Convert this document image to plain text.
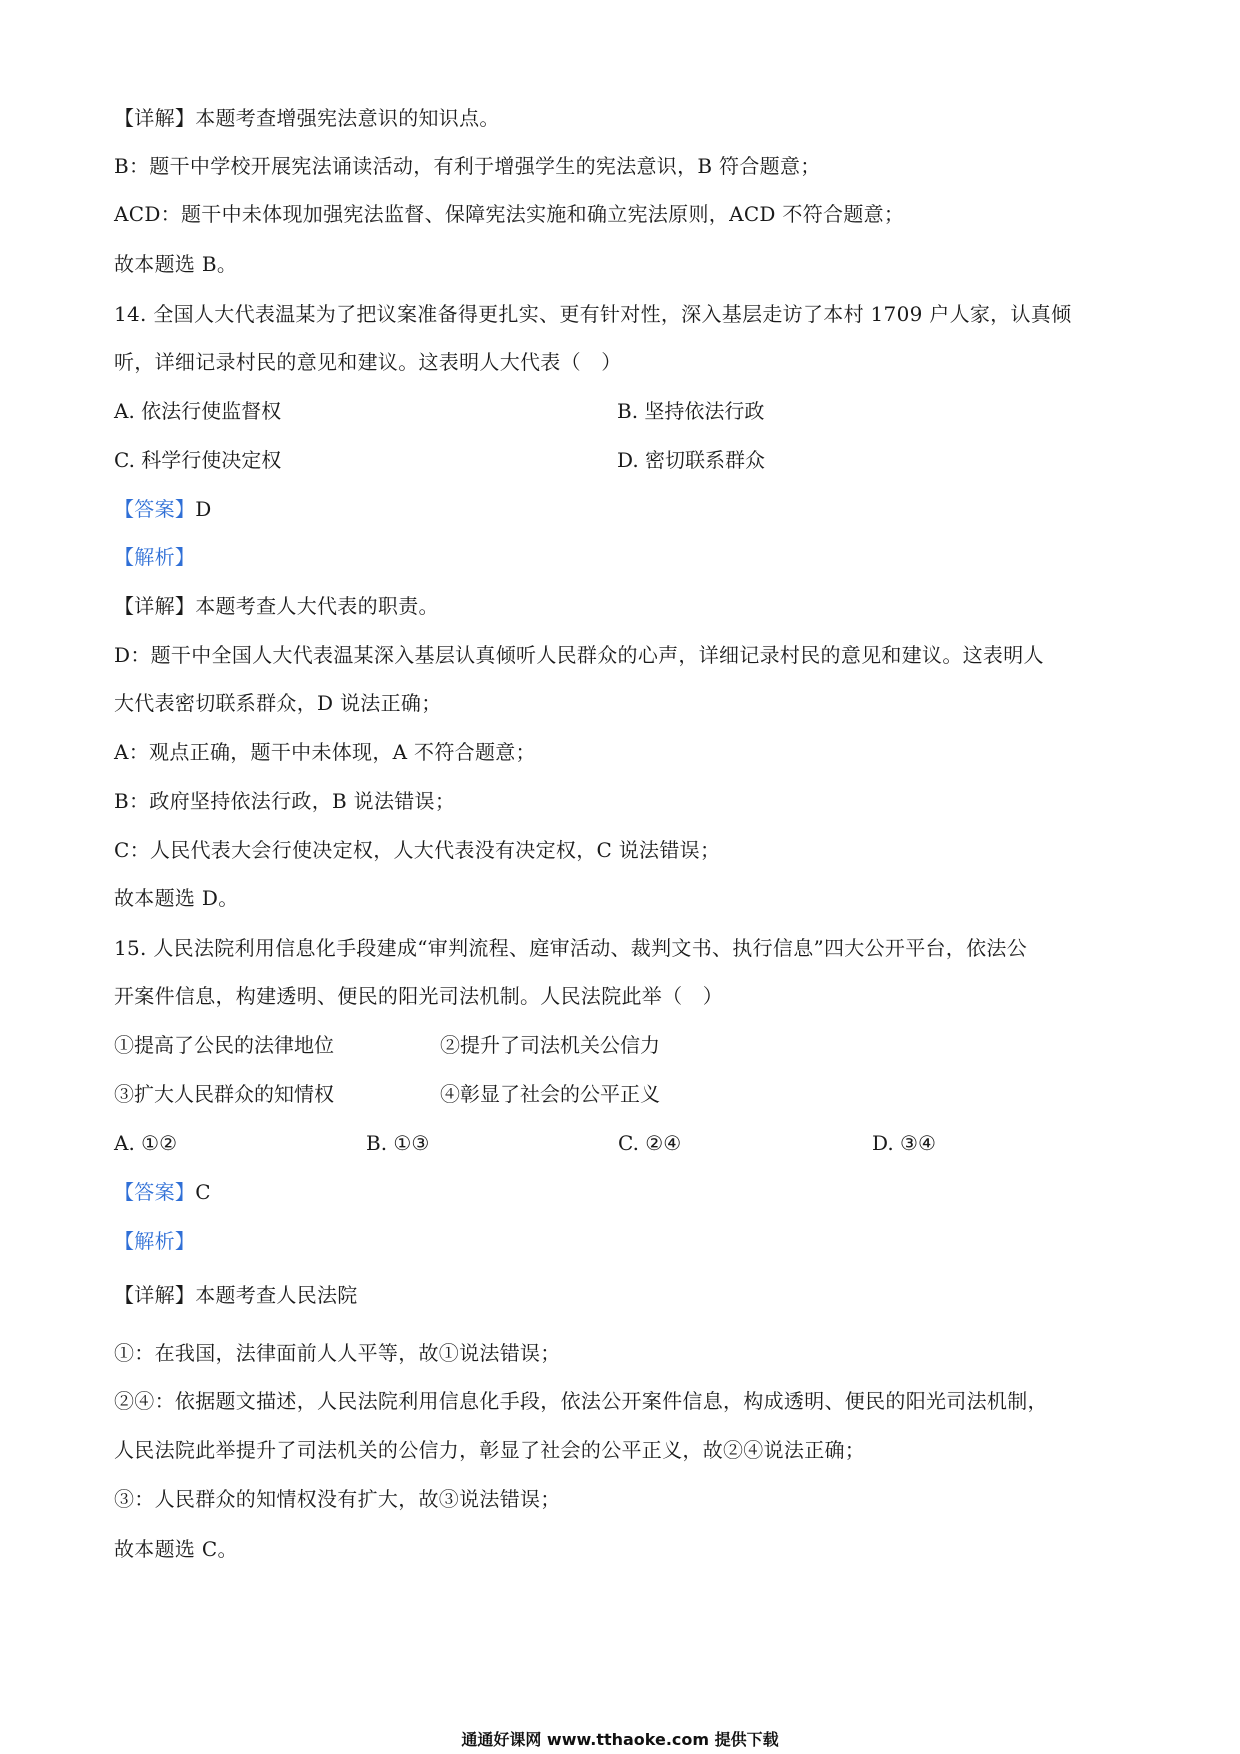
【详解】本题考查增强宪法意识的知识点。
B：题干中学校开展宪法诵读活动，有利于增强学生的宪法意识，B 符合题意；
ACD：题干中未体现加强宪法监督、保障宪法实施和确立宪法原则，ACD 不符合题意；
故本题选 B。
14. 全国人大代表温某为了把议案准备得更扎实、更有针对性，深入基层走访了本村 1709 户人家，认真倾
听，详细记录村民的意见和建议。这表明人大代表（　）
A. 依法行使监督权	B. 坚持依法行政
C. 科学行使决定权	D. 密切联系群众
【答案】D
【解析】
【详解】本题考查人大代表的职责。
D：题干中全国人大代表温某深入基层认真倾听人民群众的心声，详细记录村民的意见和建议。这表明人
大代表密切联系群众，D 说法正确；
A：观点正确，题干中未体现，A 不符合题意；
B：政府坚持依法行政，B 说法错误；
C：人民代表大会行使决定权，人大代表没有决定权，C 说法错误；
故本题选 D。
15. 人民法院利用信息化手段建成“审判流程、庭审活动、裁判文书、执行信息”四大公开平台，依法公
开案件信息，构建透明、便民的阳光司法机制。人民法院此举（　）
①提高了公民的法律地位	②提升了司法机关公信力
③扩大人民群众的知情权	④彰显了社会的公平正义
A. ①②	B. ①③	C. ②④	D. ③④
【答案】C
【解析】
【详解】本题考查人民法院
①：在我国，法律面前人人平等，故①说法错误；
②④：依据题文描述，人民法院利用信息化手段，依法公开案件信息，构成透明、便民的阳光司法机制，
人民法院此举提升了司法机关的公信力，彰显了社会的公平正义，故②④说法正确；
③：人民群众的知情权没有扩大，故③说法错误；
故本题选 C。
通通好课网 www.tthaoke.com 提供下载
